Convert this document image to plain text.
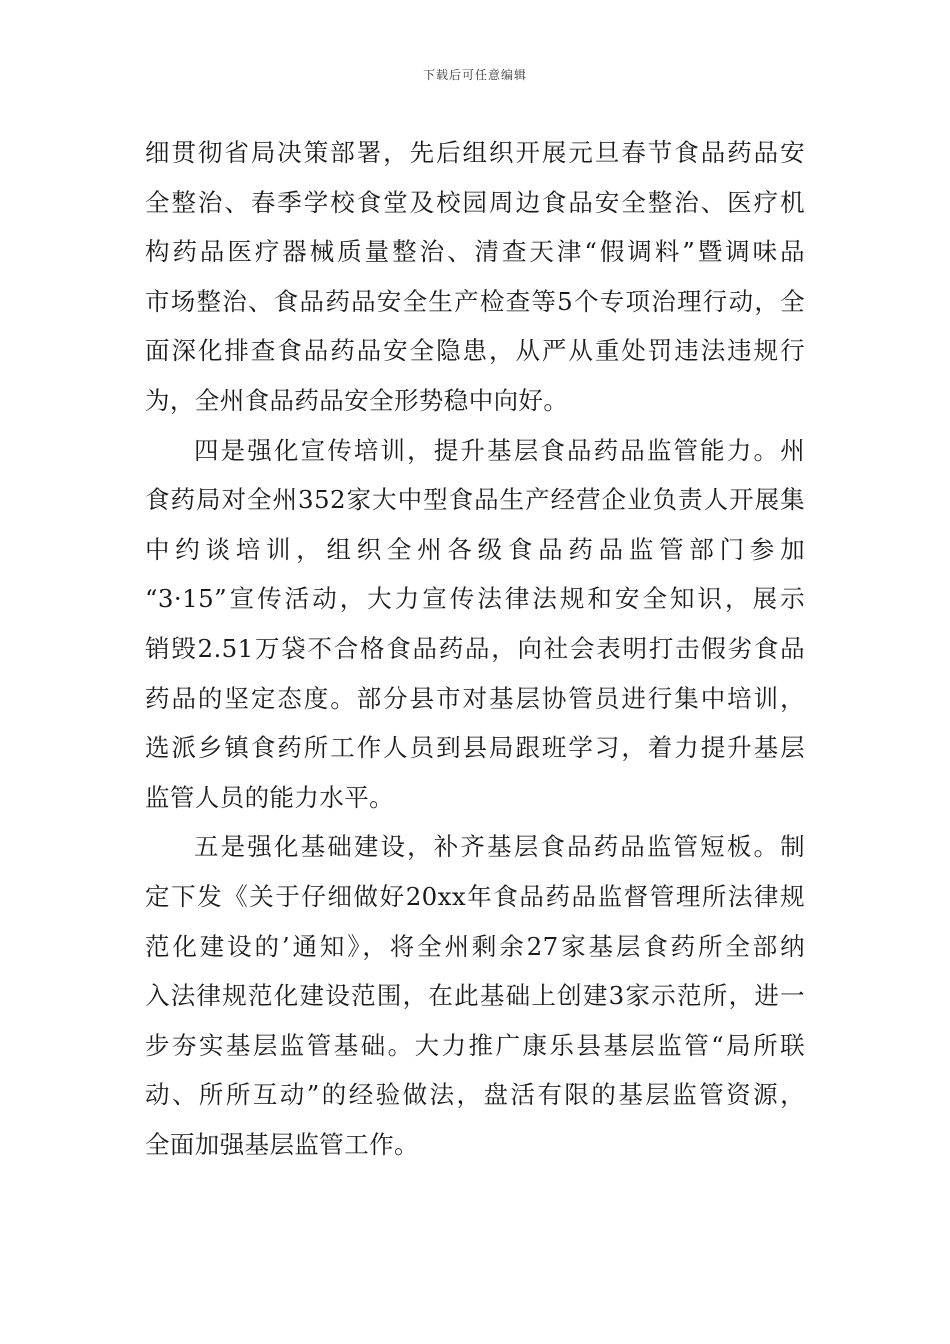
下载后可任意编辑
细贯彻省局决策部署，先后组织开展元旦春节食品药品安
全整治、春季学校食堂及校园周边食品安全整治、医疗机
构药品医疗器械质量整治、清查天津“假调料”暨调味品
市场整治、食品药品安全生产检查等5个专项治理行动，全
面深化排查食品药品安全隐患，从严从重处罚违法违规行
为，全州食品药品安全形势稳中向好。
四是强化宣传培训，提升基层食品药品监管能力。州
食药局对全州352家大中型食品生产经营企业负责人开展集
中约谈培训，组织全州各级食品药品监管部门参加
“3·15”宣传活动，大力宣传法律法规和安全知识，展示
销毁2.51万袋不合格食品药品，向社会表明打击假劣食品
药品的坚定态度。部分县市对基层协管员进行集中培训，
选派乡镇食药所工作人员到县局跟班学习，着力提升基层
监管人员的能力水平。
五是强化基础建设，补齐基层食品药品监管短板。制
定下发《关于仔细做好20xx年食品药品监督管理所法律规
范化建设的’通知》，将全州剩余27家基层食药所全部纳
入法律规范化建设范围，在此基础上创建3家示范所，进一
步夯实基层监管基础。大力推广康乐县基层监管“局所联
动、所所互动”的经验做法，盘活有限的基层监管资源，
全面加强基层监管工作。
